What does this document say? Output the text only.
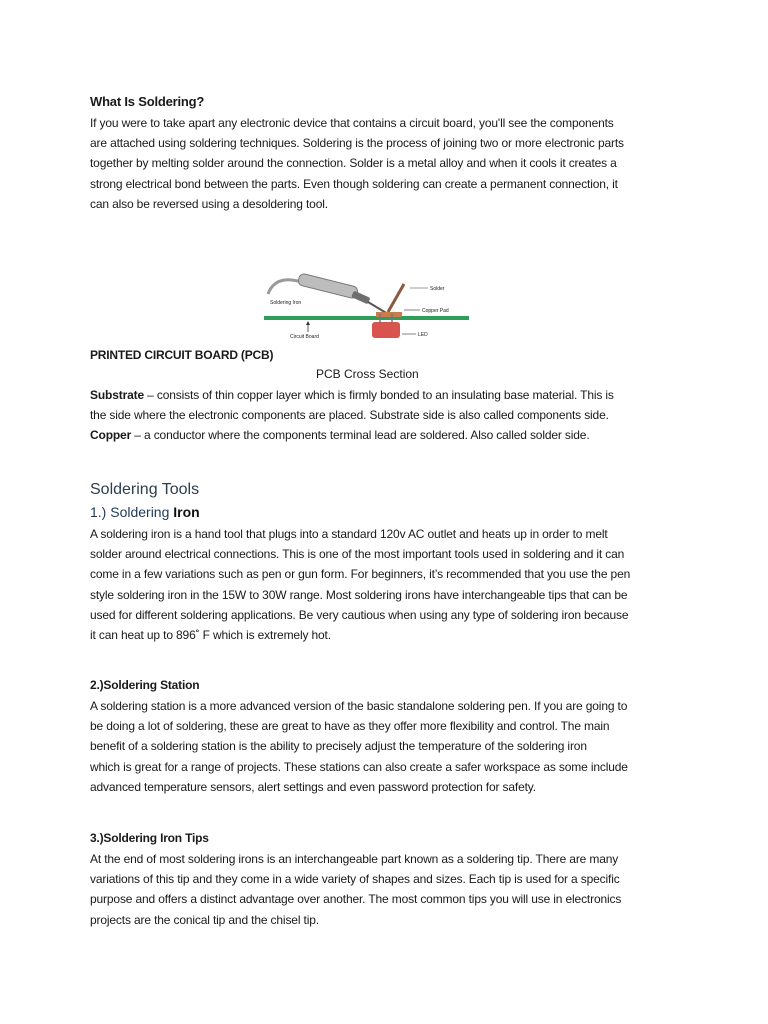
What Is Soldering?
If you were to take apart any electronic device that contains a circuit board, you'll see the components
are attached using soldering techniques. Soldering is the process of joining two or more electronic parts
together by melting solder around the connection. Solder is a metal alloy and when it cools it creates a
strong electrical bond between the parts. Even though soldering can create a permanent connection, it
can also be reversed using a desoldering tool.
Solder
Soldering Iron
Copper Pad
Circuit Board	LED
PRINTED CIRCUIT BOARD (PCB)
PCB Cross Section
Substrate – consists of thin copper layer which is firmly bonded to an insulating base material. This is
the side where the electronic components are placed. Substrate side is also called components side.
Copper – a conductor where the components terminal lead are soldered. Also called solder side.
Soldering Tools
1.) Soldering Iron
A soldering iron is a hand tool that plugs into a standard 120v AC outlet and heats up in order to melt
solder around electrical connections. This is one of the most important tools used in soldering and it can
come in a few variations such as pen or gun form. For beginners, it’s recommended that you use the pen
style soldering iron in the 15W to 30W range. Most soldering irons have interchangeable tips that can be
used for different soldering applications. Be very cautious when using any type of soldering iron because
it can heat up to 896˚ F which is extremely hot.
2.)Soldering Station
A soldering station is a more advanced version of the basic standalone soldering pen. If you are going to
be doing a lot of soldering, these are great to have as they offer more flexibility and control. The main
benefit of a soldering station is the ability to precisely adjust the temperature of the soldering iron
which is great for a range of projects. These stations can also create a safer workspace as some include
advanced temperature sensors, alert settings and even password protection for safety.
3.)Soldering Iron Tips
At the end of most soldering irons is an interchangeable part known as a soldering tip. There are many
variations of this tip and they come in a wide variety of shapes and sizes. Each tip is used for a specific
purpose and offers a distinct advantage over another. The most common tips you will use in electronics
projects are the conical tip and the chisel tip.
